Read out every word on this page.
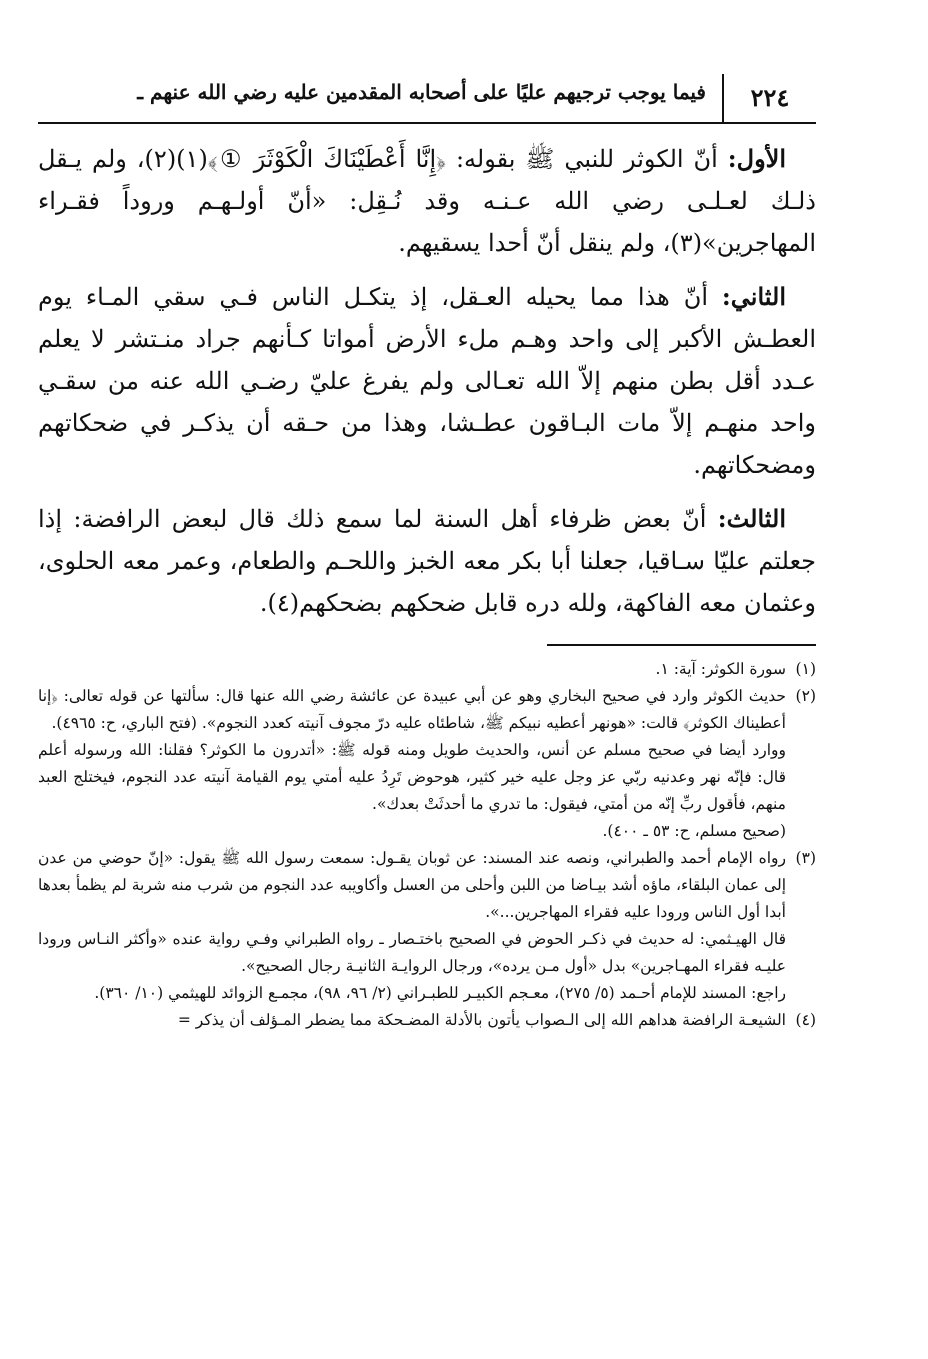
٢٢٤
فيما يوجب ترجيهم عليًا على أصحابه المقدمين عليه رضي الله عنهم ـ

الأول: أنّ الكوثر للنبي ﷺ بقوله: ﴿إِنَّا أَعْطَيْنَاكَ الْكَوْثَرَ ①﴾(١)(٢)، ولم يـقل ذلـك لعـلـى رضي الله عـنـه وقد نُـقِل: «أنّ أولـهـم وروداً فقـراء المهاجرين»(٣)، ولم ينقل أنّ أحدا يسقيهم.

الثاني: أنّ هذا مما يحيله العـقل، إذ يتكـل الناس فـي سقي المـاء يوم العطـش الأكبر إلى واحد وهـم ملء الأرض أمواتا كـأنهم جراد منـتشر لا يعلم عـدد أقل بطن منهم إلاّ الله تعـالى ولم يفرغ عليّ رضـي الله عنه من سقـي واحد منهـم إلاّ مات البـاقون عطـشا، وهذا من حـقه أن يذكـر في ضحكاتهم ومضحكاتهم.

الثالث: أنّ بعض ظرفاء أهل السنة لما سمع ذلك قال لبعض الرافضة: إذا جعلتم عليّا سـاقيا، جعلنا أبا بكر معه الخبز واللحـم والطعام، وعمر معه الحلوى، وعثمان معه الفاكهة، ولله دره قابل ضحكهم بضحكهم(٤).

(١)
سورة الكوثر: آية: ١.
(٢)
حديث الكوثر وارد في صحيح البخاري وهو عن أبي عبيدة عن عائشة رضي الله عنها قال: سألتها عن قوله تعالى: ﴿إنا أعطيناك الكوثر﴾ قالت: «هونهر أعطيه نبيكم ﷺ، شاطئاه عليه درّ مجوف آنيته كعدد النجوم». (فتح الباري، ح: ٤٩٦٥).
ووارد أيضا في صحيح مسلم عن أنس، والحديث طويل ومنه قوله ﷺ: «أتدرون ما الكوثر؟ فقلنا: الله ورسوله أعلم قال: فإنّه نهر وعدنيه ربّي عز وجل عليه خير كثير، هوحوض تَرِدُ عليه أمتي يوم القيامة آنيته عدد النجوم، فيختلج العبد منهم، فأقول ربِّ إنّه من أمتي، فيقول: ما تدري ما أحدثَتْ بعدك».
(صحيح مسلم، ح: ٥٣ ـ ٤٠٠).
(٣)
رواه الإمام أحمد والطبراني، ونصه عند المسند: عن ثوبان يقـول: سمعت رسول الله ﷺ يقول: «إنّ حوضي من عدن إلى عمان البلقاء، ماؤه أشد بيـاضا من اللبن وأحلى من العسل وأكاويبه عدد النجوم من شرب منه شربة لم يظمأ بعدها أبدا أول الناس ورودا عليه فقراء المهاجرين...».
قال الهيـثمي: له حديث في ذكـر الحوض في الصحيح باختـصار ـ رواه الطبراني وفـي رواية عنده «وأكثر النـاس ورودا عليـه فقراء المهـاجرين» بدل «أول مـن يرده»، ورجال الروايـة الثانيـة رجال الصحيح».
راجع: المسند للإمام أحـمد (٥/ ٢٧٥)، معـجم الكبيـر للطبـراني (٢/ ٩٦، ٩٨)، مجمـع الزوائد للهيثمي (١٠/ ٣٦٠).
(٤)
الشيعـة الرافضة هداهم الله إلى الـصواب يأتون بالأدلة المضـحكة مما يضطر المـؤلف أن يذكر =
